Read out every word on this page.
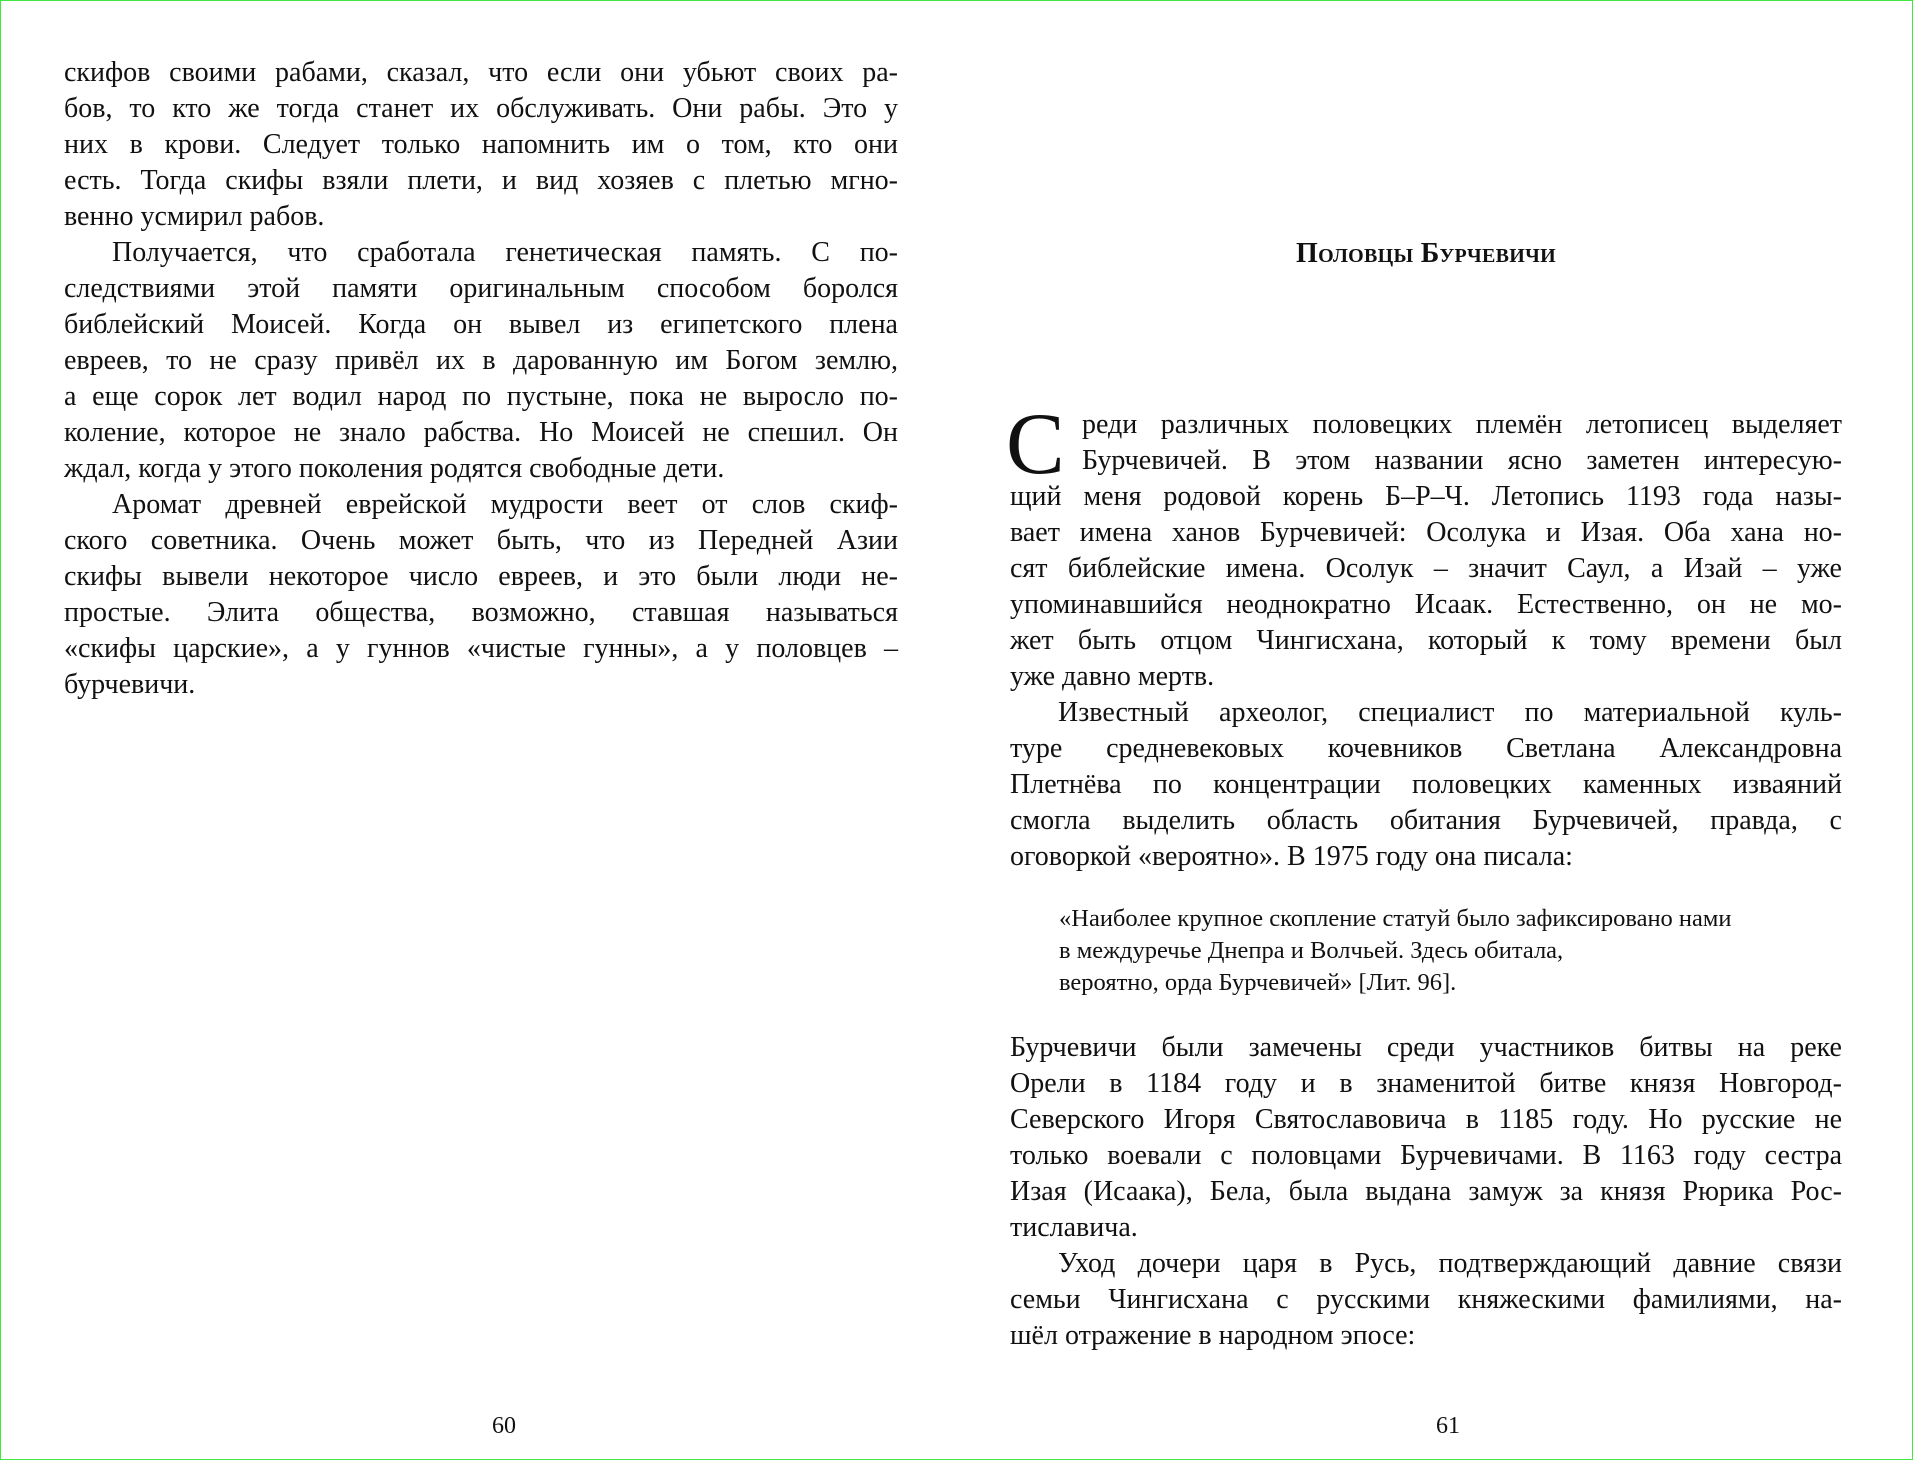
скифов своими рабами, сказал, что если они убьют своих ра-
бов, то кто же тогда станет их обслуживать. Они рабы. Это у
них в крови. Следует только напомнить им о том, кто они
есть. Тогда скифы взяли плети, и вид хозяев с плетью мгно-
венно усмирил рабов.
Получается, что сработала генетическая память. С по-
следствиями этой памяти оригинальным способом боролся
библейский Моисей. Когда он вывел из египетского плена
евреев, то не сразу привёл их в дарованную им Богом землю,
а еще сорок лет водил народ по пустыне, пока не выросло по-
коление, которое не знало рабства. Но Моисей не спешил. Он
ждал, когда у этого поколения родятся свободные дети.
Аромат древней еврейской мудрости веет от слов скиф-
ского советника. Очень может быть, что из Передней Азии
скифы вывели некоторое число евреев, и это были люди не-
простые. Элита общества, возможно, ставшая называться
«скифы царские», а у гуннов «чистые гунны», а у половцев –
бурчевичи.
60
Половцы Бурчевичи
С реди различных половецких племён летописец выделяет
Бурчевичей. В этом названии ясно заметен интересую-
щий меня родовой корень Б–Р–Ч. Летопись 1193 года назы-
вает имена ханов Бурчевичей: Осолука и Изая. Оба хана но-
сят библейские имена. Осолук – значит Саул, а Изай – уже
упоминавшийся неоднократно Исаак. Естественно, он не мо-
жет быть отцом Чингисхана, который к тому времени был
уже давно мертв.
Известный археолог, специалист по материальной куль-
туре средневековых кочевников Светлана Александровна
Плетнёва по концентрации половецких каменных изваяний
смогла выделить область обитания Бурчевичей, правда, с
оговоркой «вероятно». В 1975 году она писала:
«Наиболее крупное скопление статуй было зафиксировано нами
в междуречье Днепра и Волчьей. Здесь обитала,
вероятно, орда Бурчевичей» [Лит. 96].
Бурчевичи были замечены среди участников битвы на реке
Орели в 1184 году и в знаменитой битве князя Новгород-
Северского Игоря Святославовича в 1185 году. Но русские не
только воевали с половцами Бурчевичами. В 1163 году сестра
Изая (Исаака), Бела, была выдана замуж за князя Рюрика Рос-
тиславича.
Уход дочери царя в Русь, подтверждающий давние связи
семьи Чингисхана с русскими княжескими фамилиями, на-
шёл отражение в народном эпосе:
61
